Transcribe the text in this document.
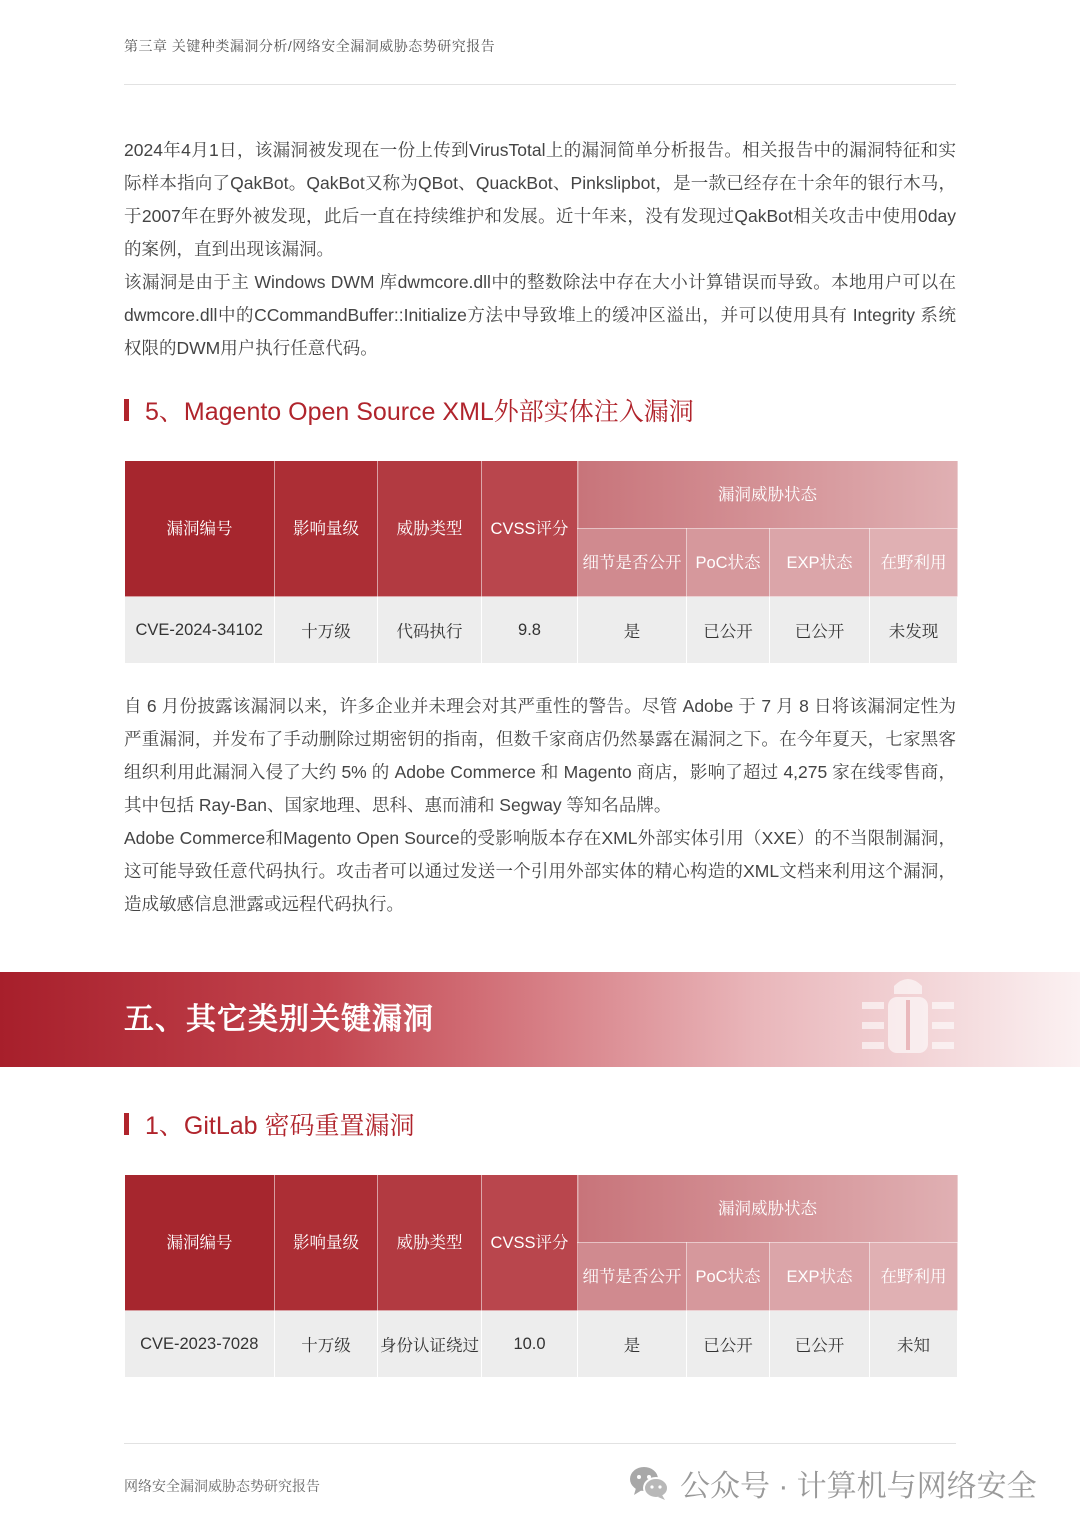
第三章 关键种类漏洞分析/网络安全漏洞威胁态势研究报告

2024年4月1日，该漏洞被发现在一份上传到VirusTotal上的漏洞简单分析报告。相关报告中的漏洞特征和实际样本指向了QakBot。QakBot又称为QBot、QuackBot、Pinkslipbot，是一款已经存在十余年的银行木马，于2007年在野外被发现，此后一直在持续维护和发展。近十年来，没有发现过QakBot相关攻击中使用0day的案例，直到出现该漏洞。

该漏洞是由于主 Windows DWM 库dwmcore.dll中的整数除法中存在大小计算错误而导致。本地用户可以在dwmcore.dll中的CCommandBuffer::Initialize方法中导致堆上的缓冲区溢出，并可以使用具有 Integrity 系统权限的DWM用户执行任意代码。

5、Magento Open Source XML外部实体注入漏洞
漏洞编号	影响量级	威胁类型	CVSS评分	漏洞威胁状态			
				细节是否公开	PoC状态	EXP状态	在野利用
CVE-2024-34102	十万级	代码执行	9.8	是	已公开	已公开	未发现

自 6 月份披露该漏洞以来，许多企业并未理会对其严重性的警告。尽管 Adobe 于 7 月 8 日将该漏洞定性为严重漏洞，并发布了手动删除过期密钥的指南，但数千家商店仍然暴露在漏洞之下。在今年夏天，七家黑客组织利用此漏洞入侵了大约 5% 的 Adobe Commerce 和 Magento 商店，影响了超过 4,275 家在线零售商，其中包括 Ray-Ban、国家地理、思科、惠而浦和 Segway 等知名品牌。

Adobe Commerce和Magento Open Source的受影响版本存在XML外部实体引用（XXE）的不当限制漏洞，这可能导致任意代码执行。攻击者可以通过发送一个引用外部实体的精心构造的XML文档来利用这个漏洞，造成敏感信息泄露或远程代码执行。

五、其它类别关键漏洞
1、GitLab 密码重置漏洞
漏洞编号	影响量级	威胁类型	CVSS评分	漏洞威胁状态			
				细节是否公开	PoC状态	EXP状态	在野利用
CVE-2023-7028	十万级	身份认证绕过	10.0	是	已公开	已公开	未知
网络安全漏洞威胁态势研究报告	公众号 · 计算机与网络安全
